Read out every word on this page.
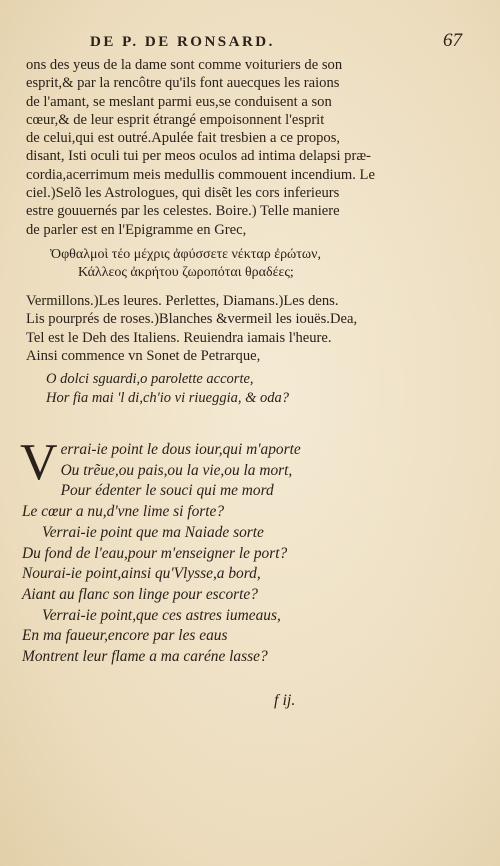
DE P. DE RONSARD.	67
ons des yeus de la dame sont comme voituriers de son
esprit,& par la rencôtre qu'ils font auecques les raions
de l'amant, se meslant parmi eus,se conduisent a son
cœur,& de leur esprit étrangé empoisonnent l'esprit
de celui,qui est outré.Apulée fait tresbien a ce propos,
disant, Isti oculi tui per meos oculos ad intima delapsi præ-
cordia,acerrimum meis medullis commouent incendium. Le
ciel.)Selõ les Astrologues, qui disẽt les cors inferieurs
estre gouuernés par les celestes. Boire.) Telle maniere
de parler est en l'Epigramme en Grec,
Ὀφθαλμοὶ τέο μέχρις ἀφύσσετε νέκταρ ἐρώτων,
Κάλλεος ἀκρήτου ζωροπόται θραδέες;
Vermillons.)Les leures. Perlettes, Diamans.)Les dens.
Lis pourprés de roses.)Blanches &vermeil les iouës.Dea,
Tel est le Deh des Italiens. Reuiendra iamais l'heure.
Ainsi commence vn Sonet de Petrarque,
O dolci sguardi,o parolette accorte,
Hor fia mai 'l di,ch'io vi riueggia, & oda?
V errai-ie point le dous iour,qui m'aporte
Ou trẽue,ou pais,ou la vie,ou la mort,
Pour édenter le souci qui me mord
Le cœur a nu,d'vne lime si forte?
Verrai-ie point que ma Naiade sorte
Du fond de l'eau,pour m'enseigner le port?
Nourai-ie point,ainsi qu'Vlysse,a bord,
Aiant au flanc son linge pour escorte?
Verrai-ie point,que ces astres iumeaus,
En ma faueur,encore par les eaus
Montrent leur flame a ma caréne lasse?
f ij.
